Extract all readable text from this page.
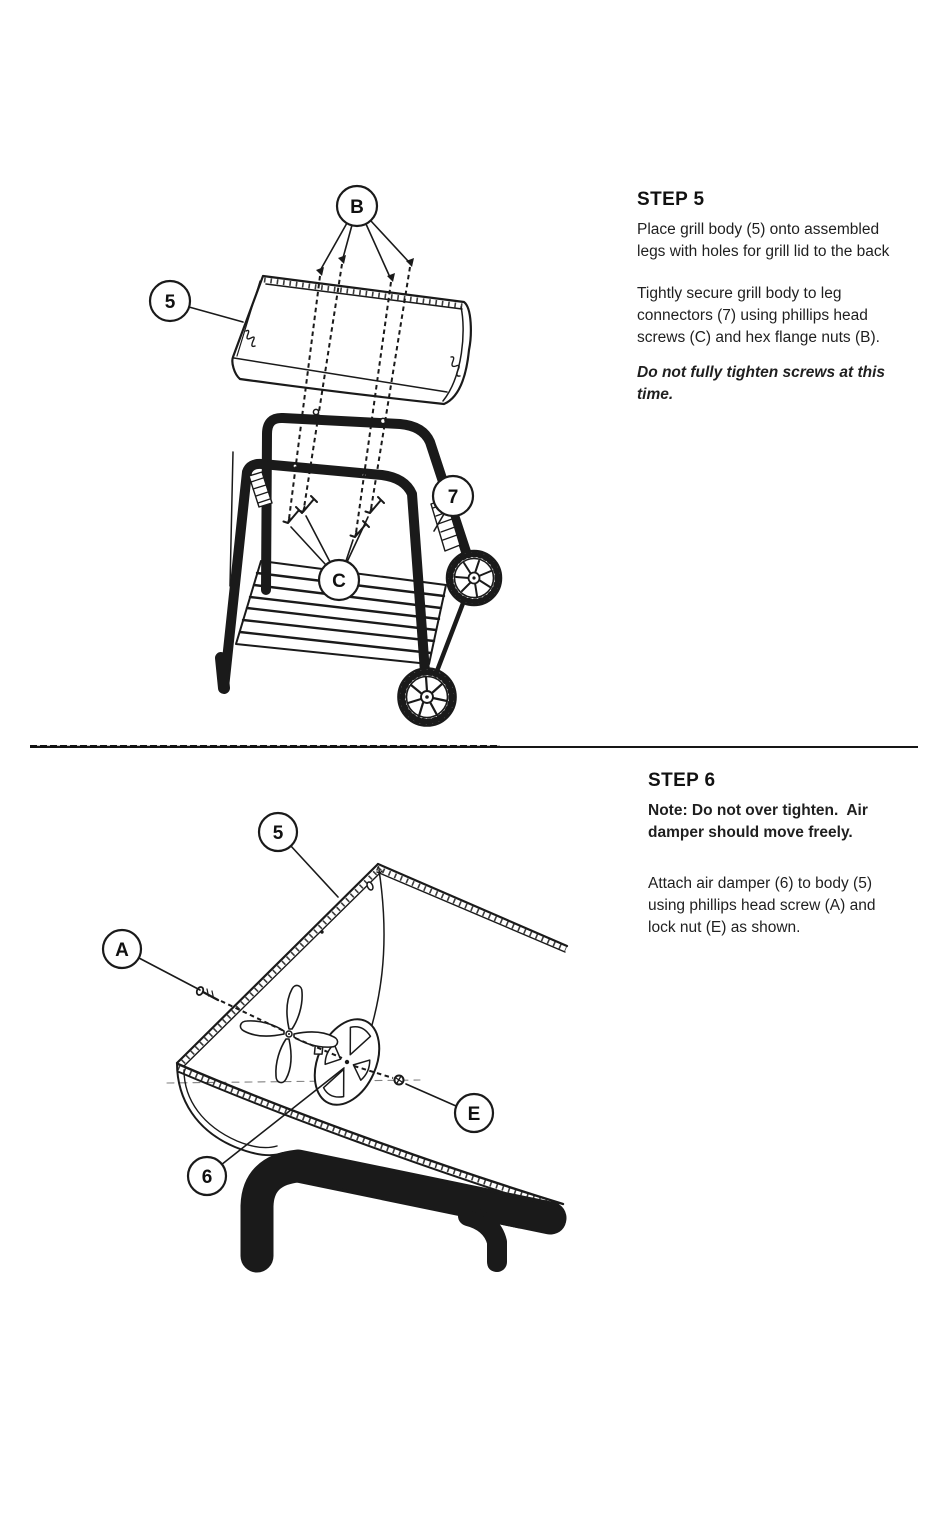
B
5
7
C
STEP 5
Place grill body (5) onto assembled
legs with holes for grill lid to the back
Tightly secure grill body to leg
connectors (7) using phillips head
screws (C) and hex flange nuts (B).
Do not fully tighten screws at this
time.
5
A
E
6
STEP 6
Note: Do not over tighten.  Air
damper should move freely.
Attach air damper (6) to body (5)
using phillips head screw (A) and
lock nut (E) as shown.
